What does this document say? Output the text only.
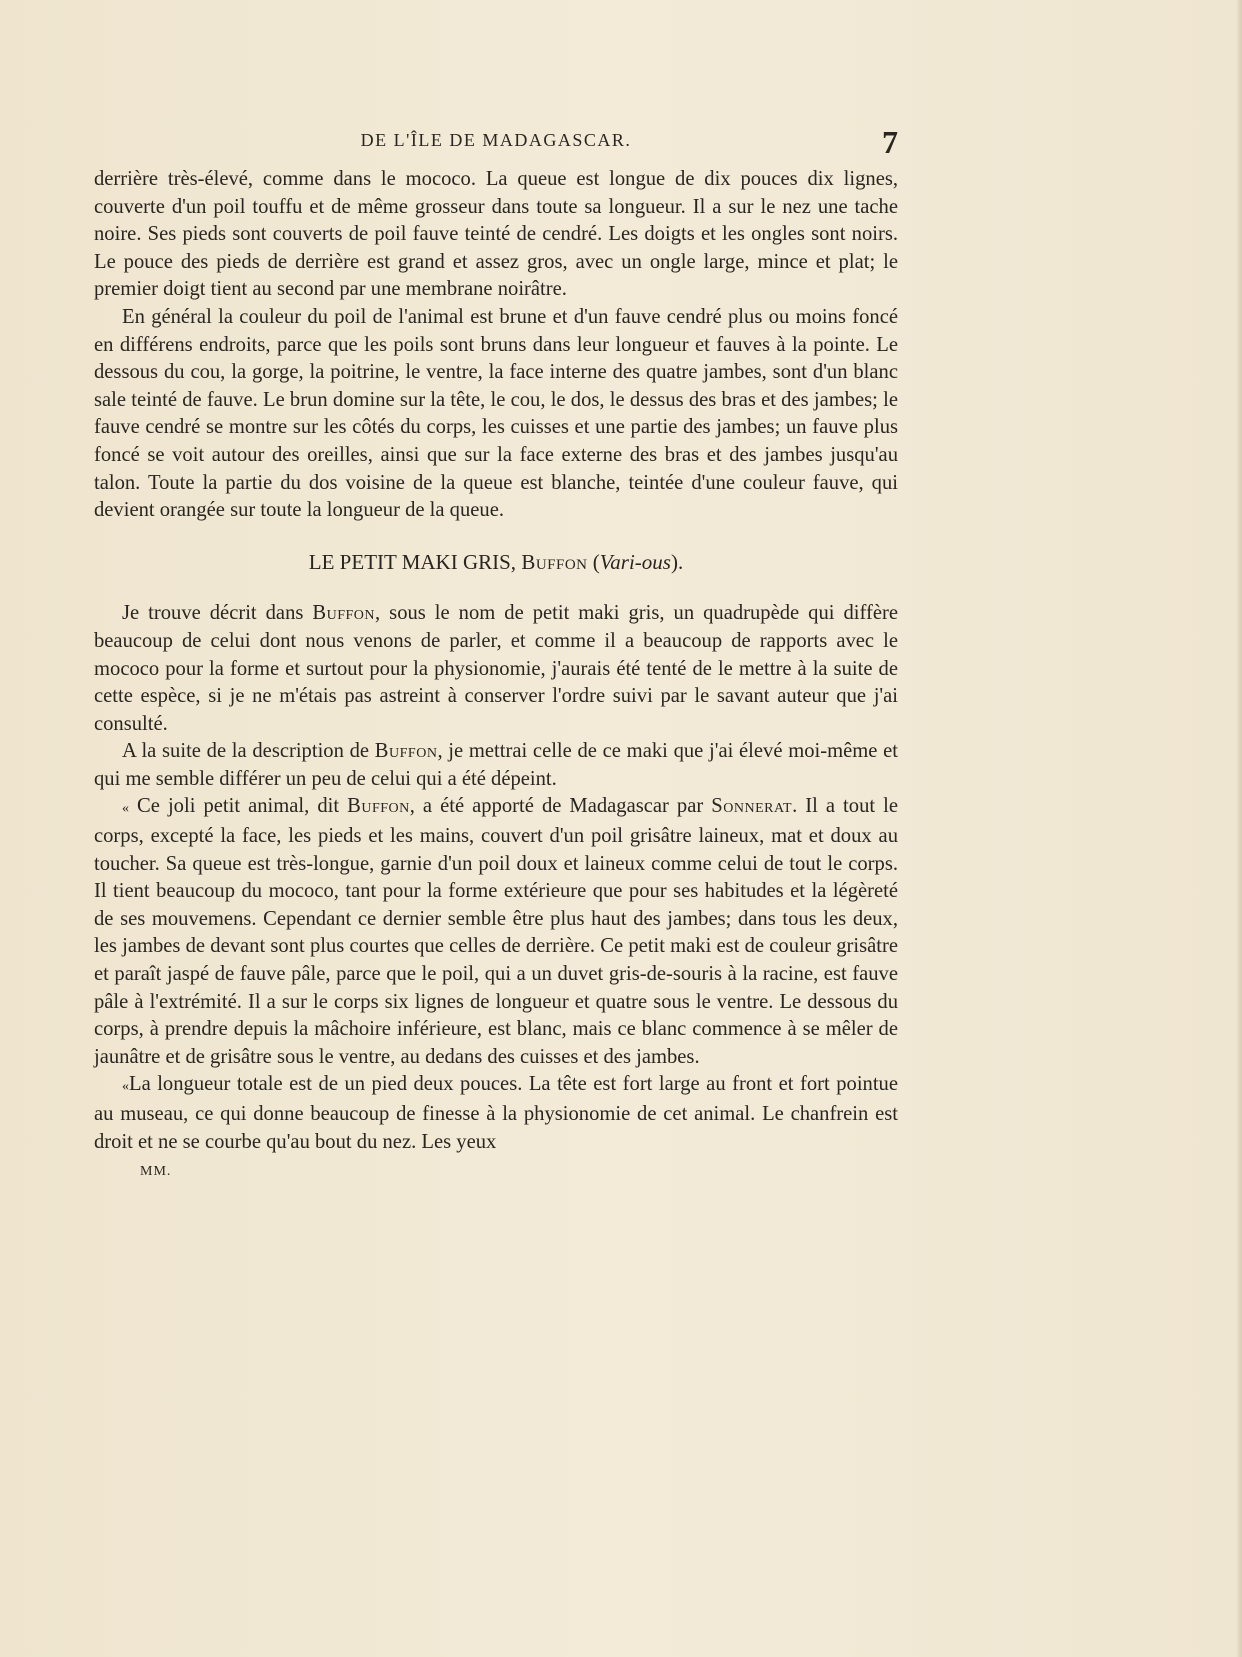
DE L'ÎLE DE MADAGASCAR.	7

derrière très-élevé, comme dans le mococo. La queue est longue de dix pouces dix lignes, couverte d'un poil touffu et de même grosseur dans toute sa longueur. Il a sur le nez une tache noire. Ses pieds sont couverts de poil fauve teinté de cendré. Les doigts et les ongles sont noirs. Le pouce des pieds de derrière est grand et assez gros, avec un ongle large, mince et plat; le premier doigt tient au second par une membrane noirâtre.

En général la couleur du poil de l'animal est brune et d'un fauve cendré plus ou moins foncé en différens endroits, parce que les poils sont bruns dans leur longueur et fauves à la pointe. Le dessous du cou, la gorge, la poitrine, le ventre, la face interne des quatre jambes, sont d'un blanc sale teinté de fauve. Le brun domine sur la tête, le cou, le dos, le dessus des bras et des jambes; le fauve cendré se montre sur les côtés du corps, les cuisses et une partie des jambes; un fauve plus foncé se voit autour des oreilles, ainsi que sur la face externe des bras et des jambes jusqu'au talon. Toute la partie du dos voisine de la queue est blanche, teintée d'une couleur fauve, qui devient orangée sur toute la longueur de la queue.

LE PETIT MAKI GRIS, Buffon (Vari-ous).

Je trouve décrit dans Buffon, sous le nom de petit maki gris, un quadrupède qui diffère beaucoup de celui dont nous venons de parler, et comme il a beaucoup de rapports avec le mococo pour la forme et surtout pour la physionomie, j'aurais été tenté de le mettre à la suite de cette espèce, si je ne m'étais pas astreint à conserver l'ordre suivi par le savant auteur que j'ai consulté.

A la suite de la description de Buffon, je mettrai celle de ce maki que j'ai élevé moi-même et qui me semble différer un peu de celui qui a été dépeint.

« Ce joli petit animal, dit Buffon, a été apporté de Madagascar par Sonnerat. Il a tout le corps, excepté la face, les pieds et les mains, couvert d'un poil grisâtre laineux, mat et doux au toucher. Sa queue est très-longue, garnie d'un poil doux et laineux comme celui de tout le corps. Il tient beaucoup du mococo, tant pour la forme extérieure que pour ses habitudes et la légèreté de ses mouvemens. Cependant ce dernier semble être plus haut des jambes; dans tous les deux, les jambes de devant sont plus courtes que celles de derrière. Ce petit maki est de couleur grisâtre et paraît jaspé de fauve pâle, parce que le poil, qui a un duvet gris-de-souris à la racine, est fauve pâle à l'extrémité. Il a sur le corps six lignes de longueur et quatre sous le ventre. Le dessous du corps, à prendre depuis la mâchoire inférieure, est blanc, mais ce blanc commence à se mêler de jaunâtre et de grisâtre sous le ventre, au dedans des cuisses et des jambes.

«La longueur totale est de un pied deux pouces. La tête est fort large au front et fort pointue au museau, ce qui donne beaucoup de finesse à la physionomie de cet animal. Le chanfrein est droit et ne se courbe qu'au bout du nez. Les yeux

MM.
